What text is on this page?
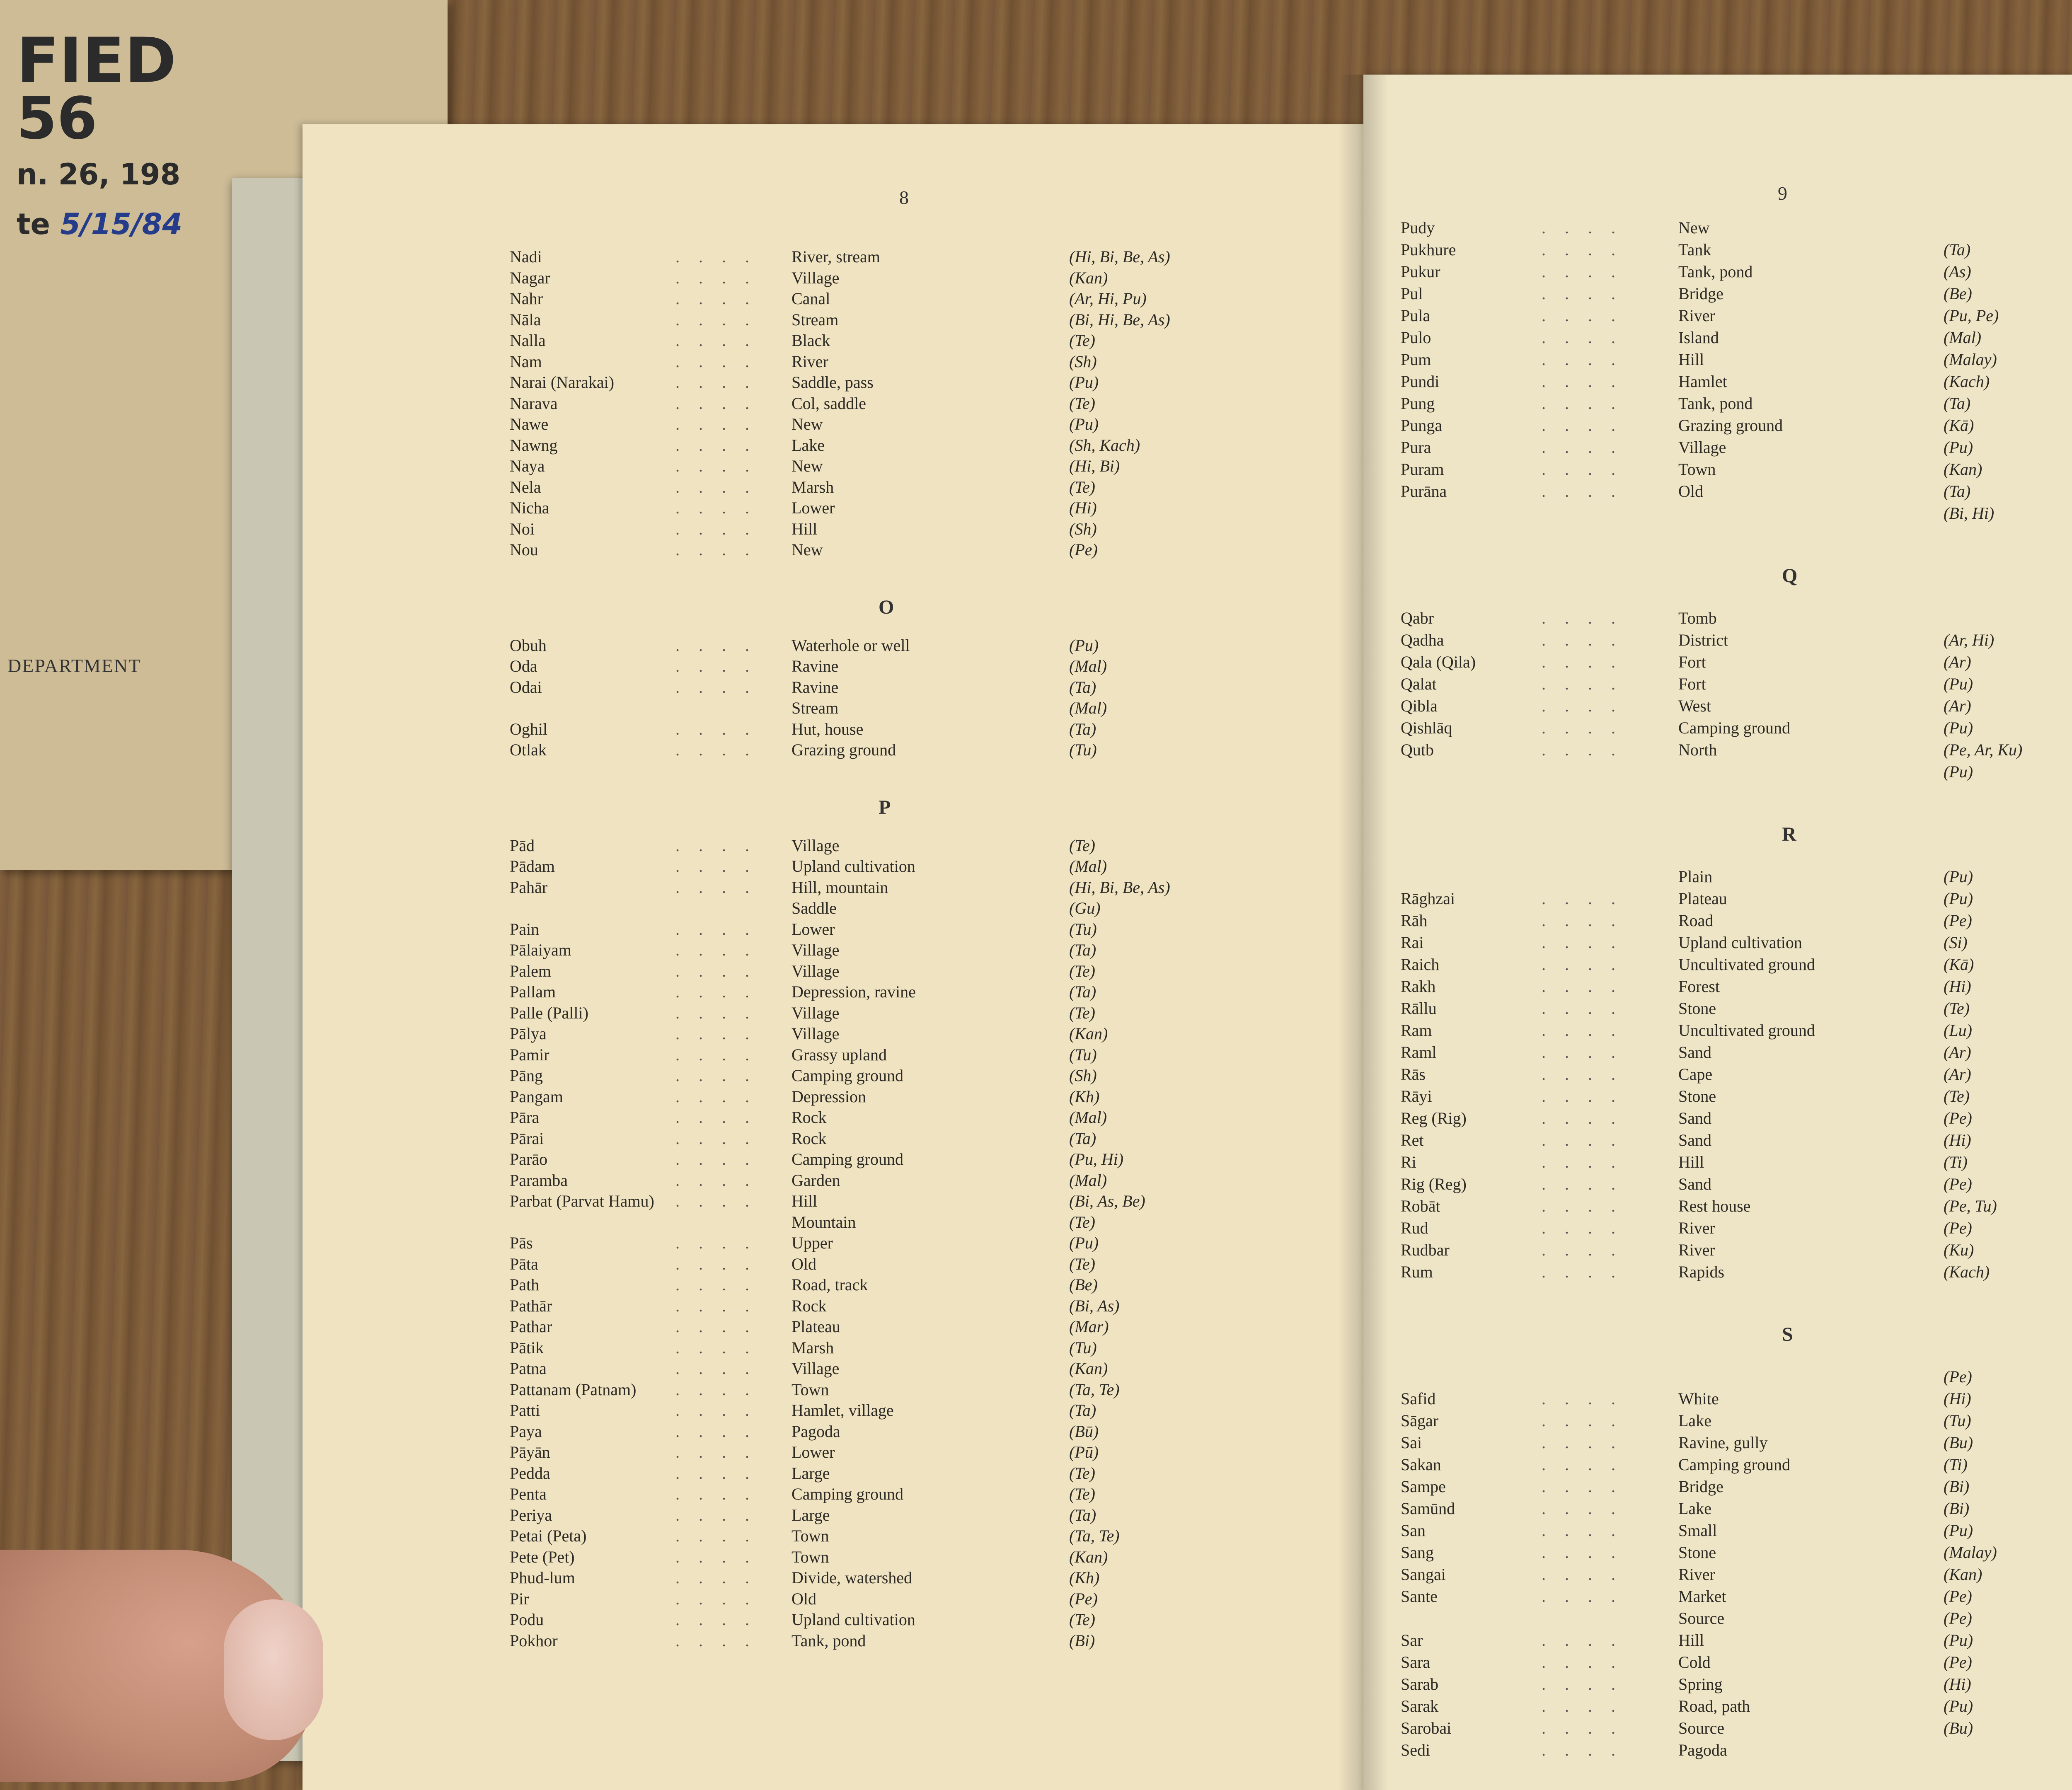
FIED
56
n. 26, 198
te 5/15/84
DEPARTMENT
8
Nadi	. . . . River, stream	(Hi, Bi, Be, As)
Nagar	. . . . Village	(Kan)
Nahr	. . . . Canal	(Ar, Hi, Pu)
Nāla	. . . . Stream	(Bi, Hi, Be, As)
Nalla	. . . . Black	(Te)
Nam	. . . . River	(Sh)
Narai (Narakai)	. . . . Saddle, pass	(Pu)
Narava	. . . . Col, saddle	(Te)
Nawe	. . . . New	(Pu)
Nawng	. . . . Lake	(Sh, Kach)
Naya	. . . . New	(Hi, Bi)
Nela	. . . . Marsh	(Te)
Nicha	. . . . Lower	(Hi)
Noi	. . . . Hill	(Sh)
Nou	. . . . New	(Pe)
O
Obuh	. . . . Waterhole or well	(Pu)
Oda	. . . . Ravine	(Mal)
Odai	. . . . Ravine	(Ta)
Stream	(Mal)
Oghil	. . . . Hut, house	(Ta)
Otlak	. . . . Grazing ground	(Tu)
P
Pād	. . . . Village	(Te)
Pādam	. . . . Upland cultivation	(Mal)
Pahār	. . . . Hill, mountain	(Hi, Bi, Be, As)
Saddle	(Gu)
Pain	. . . . Lower	(Tu)
Pālaiyam	. . . . Village	(Ta)
Palem	. . . . Village	(Te)
Pallam	. . . . Depression, ravine	(Ta)
Palle (Palli)	. . . . Village	(Te)
Pālya	. . . . Village	(Kan)
Pamir	. . . . Grassy upland	(Tu)
Pāng	. . . . Camping ground	(Sh)
Pangam	. . . . Depression	(Kh)
Pāra	. . . . Rock	(Mal)
Pārai	. . . . Rock	(Ta)
Parāo	. . . . Camping ground	(Pu, Hi)
Paramba	. . . . Garden	(Mal)
Parbat (Parvat Hamu) . . . . Hill	(Bi, As, Be)
Mountain	(Te)
Pās	. . . . Upper	(Pu)
Pāta	. . . . Old	(Te)
Path	. . . . Road, track	(Be)
Pathār	. . . . Rock	(Bi, As)
Pathar	. . . . Plateau	(Mar)
Pātik	. . . . Marsh	(Tu)
Patna	. . . . Village	(Kan)
Pattanam (Patnam) . . . . Town	(Ta, Te)
Patti	. . . . Hamlet, village	(Ta)
Paya	. . . . Pagoda	(Bū)
Pāyān	. . . . Lower	(Pū)
Pedda	. . . . Large	(Te)
Penta	. . . . Camping ground	(Te)
Periya	. . . . Large	(Ta)
Petai (Peta)	. . . . Town	(Ta, Te)
Pete (Pet)	. . . . Town	(Kan)
Phud-lum	. . . . Divide, watershed	(Kh)
Pir	. . . . Old	(Pe)
Podu	. . . . Upland cultivation	(Te)
Pokhor	. . . . Tank, pond	(Bi)
9
Pudy	. . . .	New
Pukhure	. . . .	Tank	(Ta)
Pukur	. . . .	Tank, pond	(As)
Pul	. . . .	Bridge	(Be)
Pula	. . . .	River	(Pu, Pe)
Pulo	. . . .	Island	(Mal)
Pum	. . . .	Hill	(Malay)
Pundi	. . . .	Hamlet	(Kach)
Pung	. . . .	Tank, pond	(Ta)
Punga	. . . .	Grazing ground	(Kā)
Pura	. . . .	Village	(Pu)
Puram	. . . .	Town	(Kan)
Purāna	. . . .	Old	(Ta)
(Bi, Hi)
Q
Qabr	. . . .	Tomb
Qadha	. . . .	District	(Ar, Hi)
Qala (Qila)	. . . .	Fort	(Ar)
Qalat	. . . .	Fort	(Pu)
Qibla	. . . .	West	(Ar)
Qishlāq	. . . .	Camping ground	(Pu)
Qutb	. . . .	North	(Pe, Ar, Ku)
(Pu)
R
Plain	(Pu)
Rāghzai	. . . .	Plateau	(Pu)
Rāh	. . . .	Road	(Pe)
Rai	. . . .	Upland cultivation	(Si)
Raich	. . . .	Uncultivated ground	(Kā)
Rakh	. . . .	Forest	(Hi)
Rāllu	. . . .	Stone	(Te)
Ram	. . . .	Uncultivated ground	(Lu)
Raml	. . . .	Sand	(Ar)
Rās	. . . .	Cape	(Ar)
Rāyi	. . . .	Stone	(Te)
Reg (Rig)	. . . .	Sand	(Pe)
Ret	. . . .	Sand	(Hi)
Ri	. . . .	Hill	(Ti)
Rig (Reg)	. . . .	Sand	(Pe)
Robāt	. . . .	Rest house	(Pe, Tu)
Rud	. . . .	River	(Pe)
Rudbar	. . . .	River	(Ku)
Rum	. . . .	Rapids	(Kach)
S
(Pe)
Safid	. . . .	White	(Hi)
Sāgar	. . . .	Lake	(Tu)
Sai	. . . .	Ravine, gully	(Bu)
Sakan	. . . .	Camping ground	(Ti)
Sampe	. . . .	Bridge	(Bi)
Samūnd	. . . .	Lake	(Bi)
San	. . . .	Small	(Pu)
Sang	. . . .	Stone	(Malay)
Sangai	. . . .	River	(Kan)
Sante	. . . .	Market	(Pe)
Source	(Pe)
Sar	. . . .	Hill	(Pu)
Sara	. . . .	Cold	(Pe)
Sarab	. . . .	Spring	(Hi)
Sarak	. . . .	Road, path	(Pu)
Sarobai	. . . .	Source	(Bu)
Sedi	. . . .	Pagoda
